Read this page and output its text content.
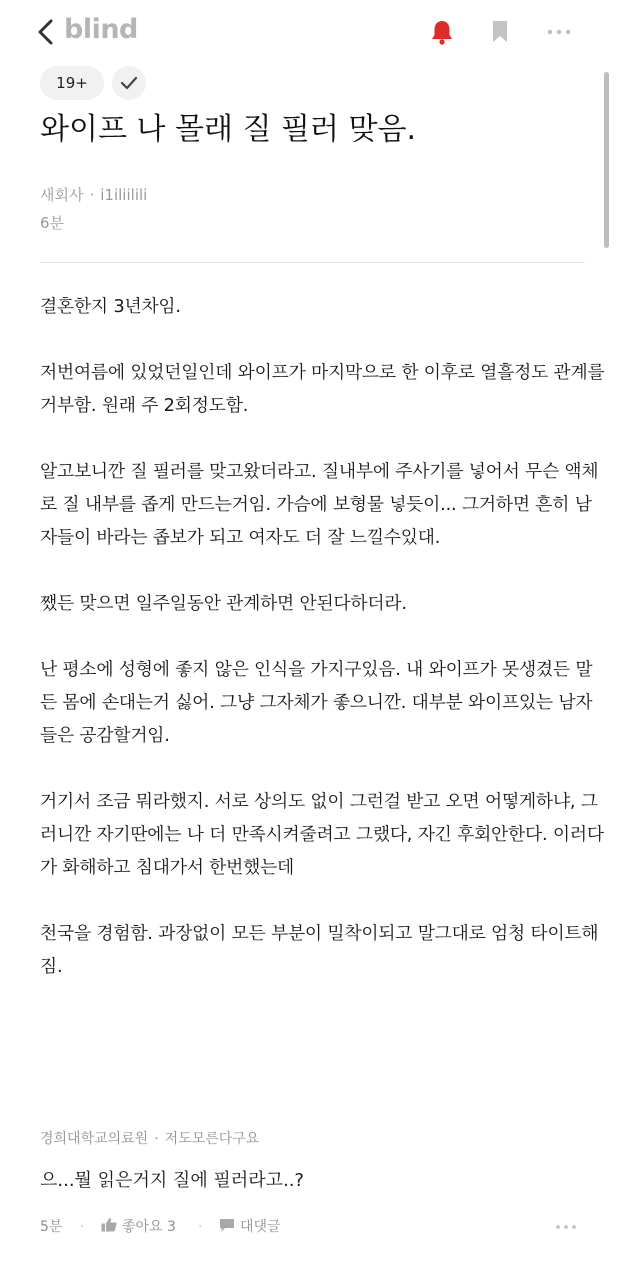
blind
19+
와이프 나 몰래 질 필러 맞음.
새회사 · i1iliilili
6분

결혼한지 3년차임.

저번여름에 있었던일인데 와이프가 마지막으로 한 이후로 열흘정도 관계를 거부함. 원래 주 2회정도함.

알고보니깐 질 필러를 맞고왔더라고. 질내부에 주사기를 넣어서 무슨 액체로 질 내부를 좁게 만드는거임. 가슴에 보형물 넣듯이... 그거하면 흔히 남자들이 바라는 좁보가 되고 여자도 더 잘 느낄수있대.

쨌든 맞으면 일주일동안 관계하면 안된다하더라.

난 평소에 성형에 좋지 않은 인식을 가지구있음. 내 와이프가 못생겼든 말든 몸에 손대는거 싫어. 그냥 그자체가 좋으니깐. 대부분 와이프있는 남자들은 공감할거임.

거기서 조금 뭐라했지. 서로 상의도 없이 그런걸 받고 오면 어떻게하냐, 그러니깐 자기딴에는 나 더 만족시켜줄려고 그랬다, 자긴 후회안한다. 이러다가 화해하고 침대가서 한번했는데

천국을 경험함. 과장없이 모든 부분이 밀착이되고 말그대로 엄청 타이트해짐.

경희대학교의료원 · 저도모른다구요
으...뭘 읽은거지 질에 필러라고..?
5분 ·	좋아요 3 ·	대댓글
